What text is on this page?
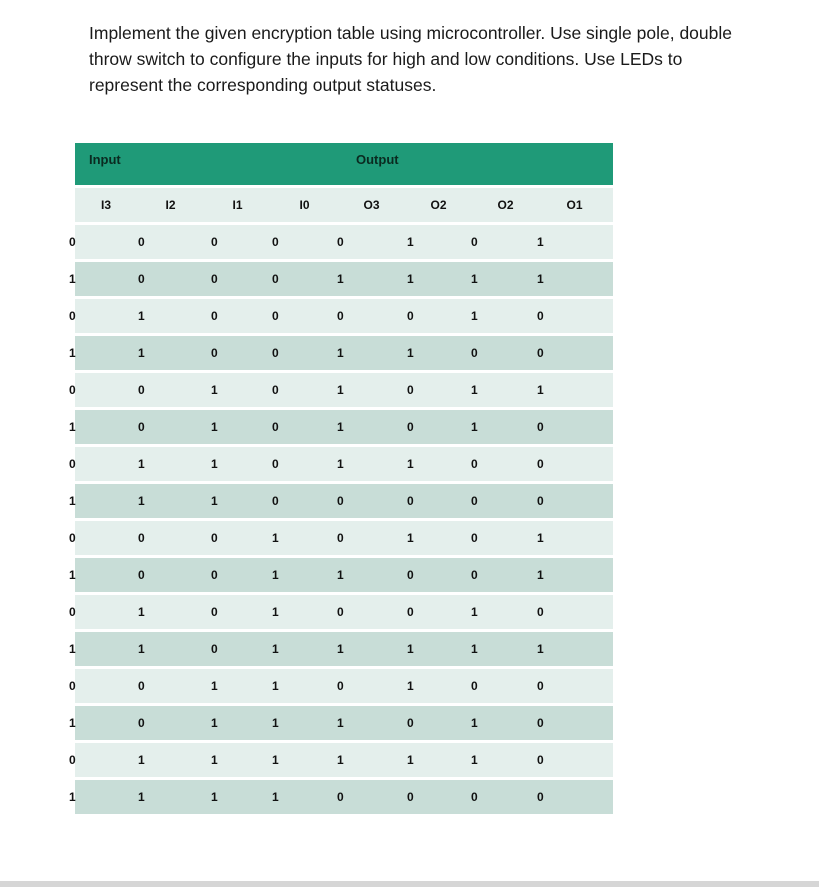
Implement the given encryption table using microcontroller. Use single pole, double throw switch to configure the inputs for high and low conditions. Use LEDs to represent the corresponding output statuses.
Input	Output
I3	I2	I1	I0	O3	O2	O2	O1
0	0	0	0	0	1	0	1
1	0	0	0	1	1	1	1
0	1	0	0	0	0	1	0
1	1	0	0	1	1	0	0
0	0	1	0	1	0	1	1
1	0	1	0	1	0	1	0
0	1	1	0	1	1	0	0
1	1	1	0	0	0	0	0
0	0	0	1	0	1	0	1
1	0	0	1	1	0	0	1
0	1	0	1	0	0	1	0
1	1	0	1	1	1	1	1
0	0	1	1	0	1	0	0
1	0	1	1	1	0	1	0
0	1	1	1	1	1	1	0
1	1	1	1	0	0	0	0
